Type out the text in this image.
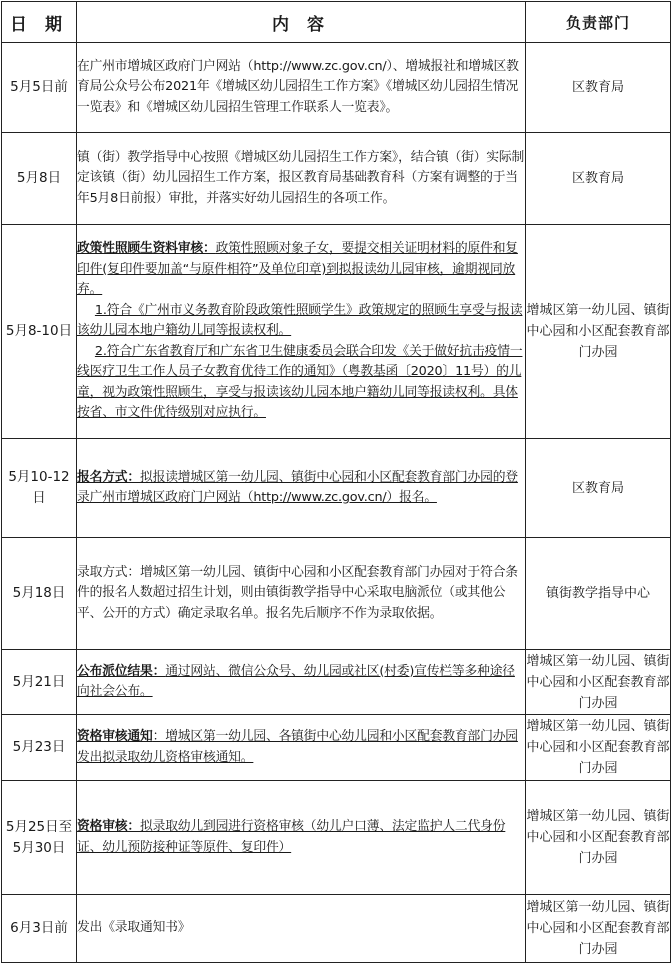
日 期	内 容	负责部门
5月5日前	在广州市增城区政府门户网站（http://www.zc.gov.cn/）、增城报社和增城区教育局公众号公布2021年《增城区幼儿园招生工作方案》《增城区幼儿园招生情况一览表》和《增城区幼儿园招生管理工作联系人一览表》。	区教育局
5月8日	镇（街）教学指导中心按照《增城区幼儿园招生工作方案》，结合镇（街）实际制定该镇（街）幼儿园招生工作方案，报区教育局基础教育科（方案有调整的于当年5月8日前报）审批，并落实好幼儿园招生的各项工作。	区教育局
5月8-10日	政策性照顾生资料审核：政策性照顾对象子女，要提交相关证明材料的原件和复印件(复印件要加盖“与原件相符”及单位印章)到拟报读幼儿园审核，逾期视同放弃。
1.符合《广州市义务教育阶段政策性照顾学生》政策规定的照顾生享受与报读该幼儿园本地户籍幼儿同等报读权利。
2.符合广东省教育厅和广东省卫生健康委员会联合印发《关于做好抗击疫情一线医疗卫生工作人员子女教育优待工作的通知》（粤教基函〔2020〕11号）的儿童，视为政策性照顾生，享受与报读该幼儿园本地户籍幼儿同等报读权利。具体按省、市文件优待级别对应执行。	增城区第一幼儿园、镇街中心园和小区配套教育部门办园
5月10-12日	报名方式：拟报读增城区第一幼儿园、镇街中心园和小区配套教育部门办园的登录广州市增城区政府门户网站（http://www.zc.gov.cn/）报名。	区教育局
5月18日	录取方式：增城区第一幼儿园、镇街中心园和小区配套教育部门办园对于符合条件的报名人数超过招生计划，则由镇街教学指导中心采取电脑派位（或其他公平、公开的方式）确定录取名单。报名先后顺序不作为录取依据。	镇街教学指导中心
5月21日	公布派位结果：通过网站、微信公众号、幼儿园或社区(村委)宣传栏等多种途径向社会公布。	增城区第一幼儿园、镇街中心园和小区配套教育部门办园
5月23日	资格审核通知：增城区第一幼儿园、各镇街中心幼儿园和小区配套教育部门办园发出拟录取幼儿资格审核通知。	增城区第一幼儿园、镇街中心园和小区配套教育部门办园
5月25日至5月30日	资格审核：拟录取幼儿到园进行资格审核（幼儿户口薄、法定监护人二代身份证、幼儿预防接种证等原件、复印件）	增城区第一幼儿园、镇街中心园和小区配套教育部门办园
6月3日前	发出《录取通知书》	增城区第一幼儿园、镇街中心园和小区配套教育部门办园
